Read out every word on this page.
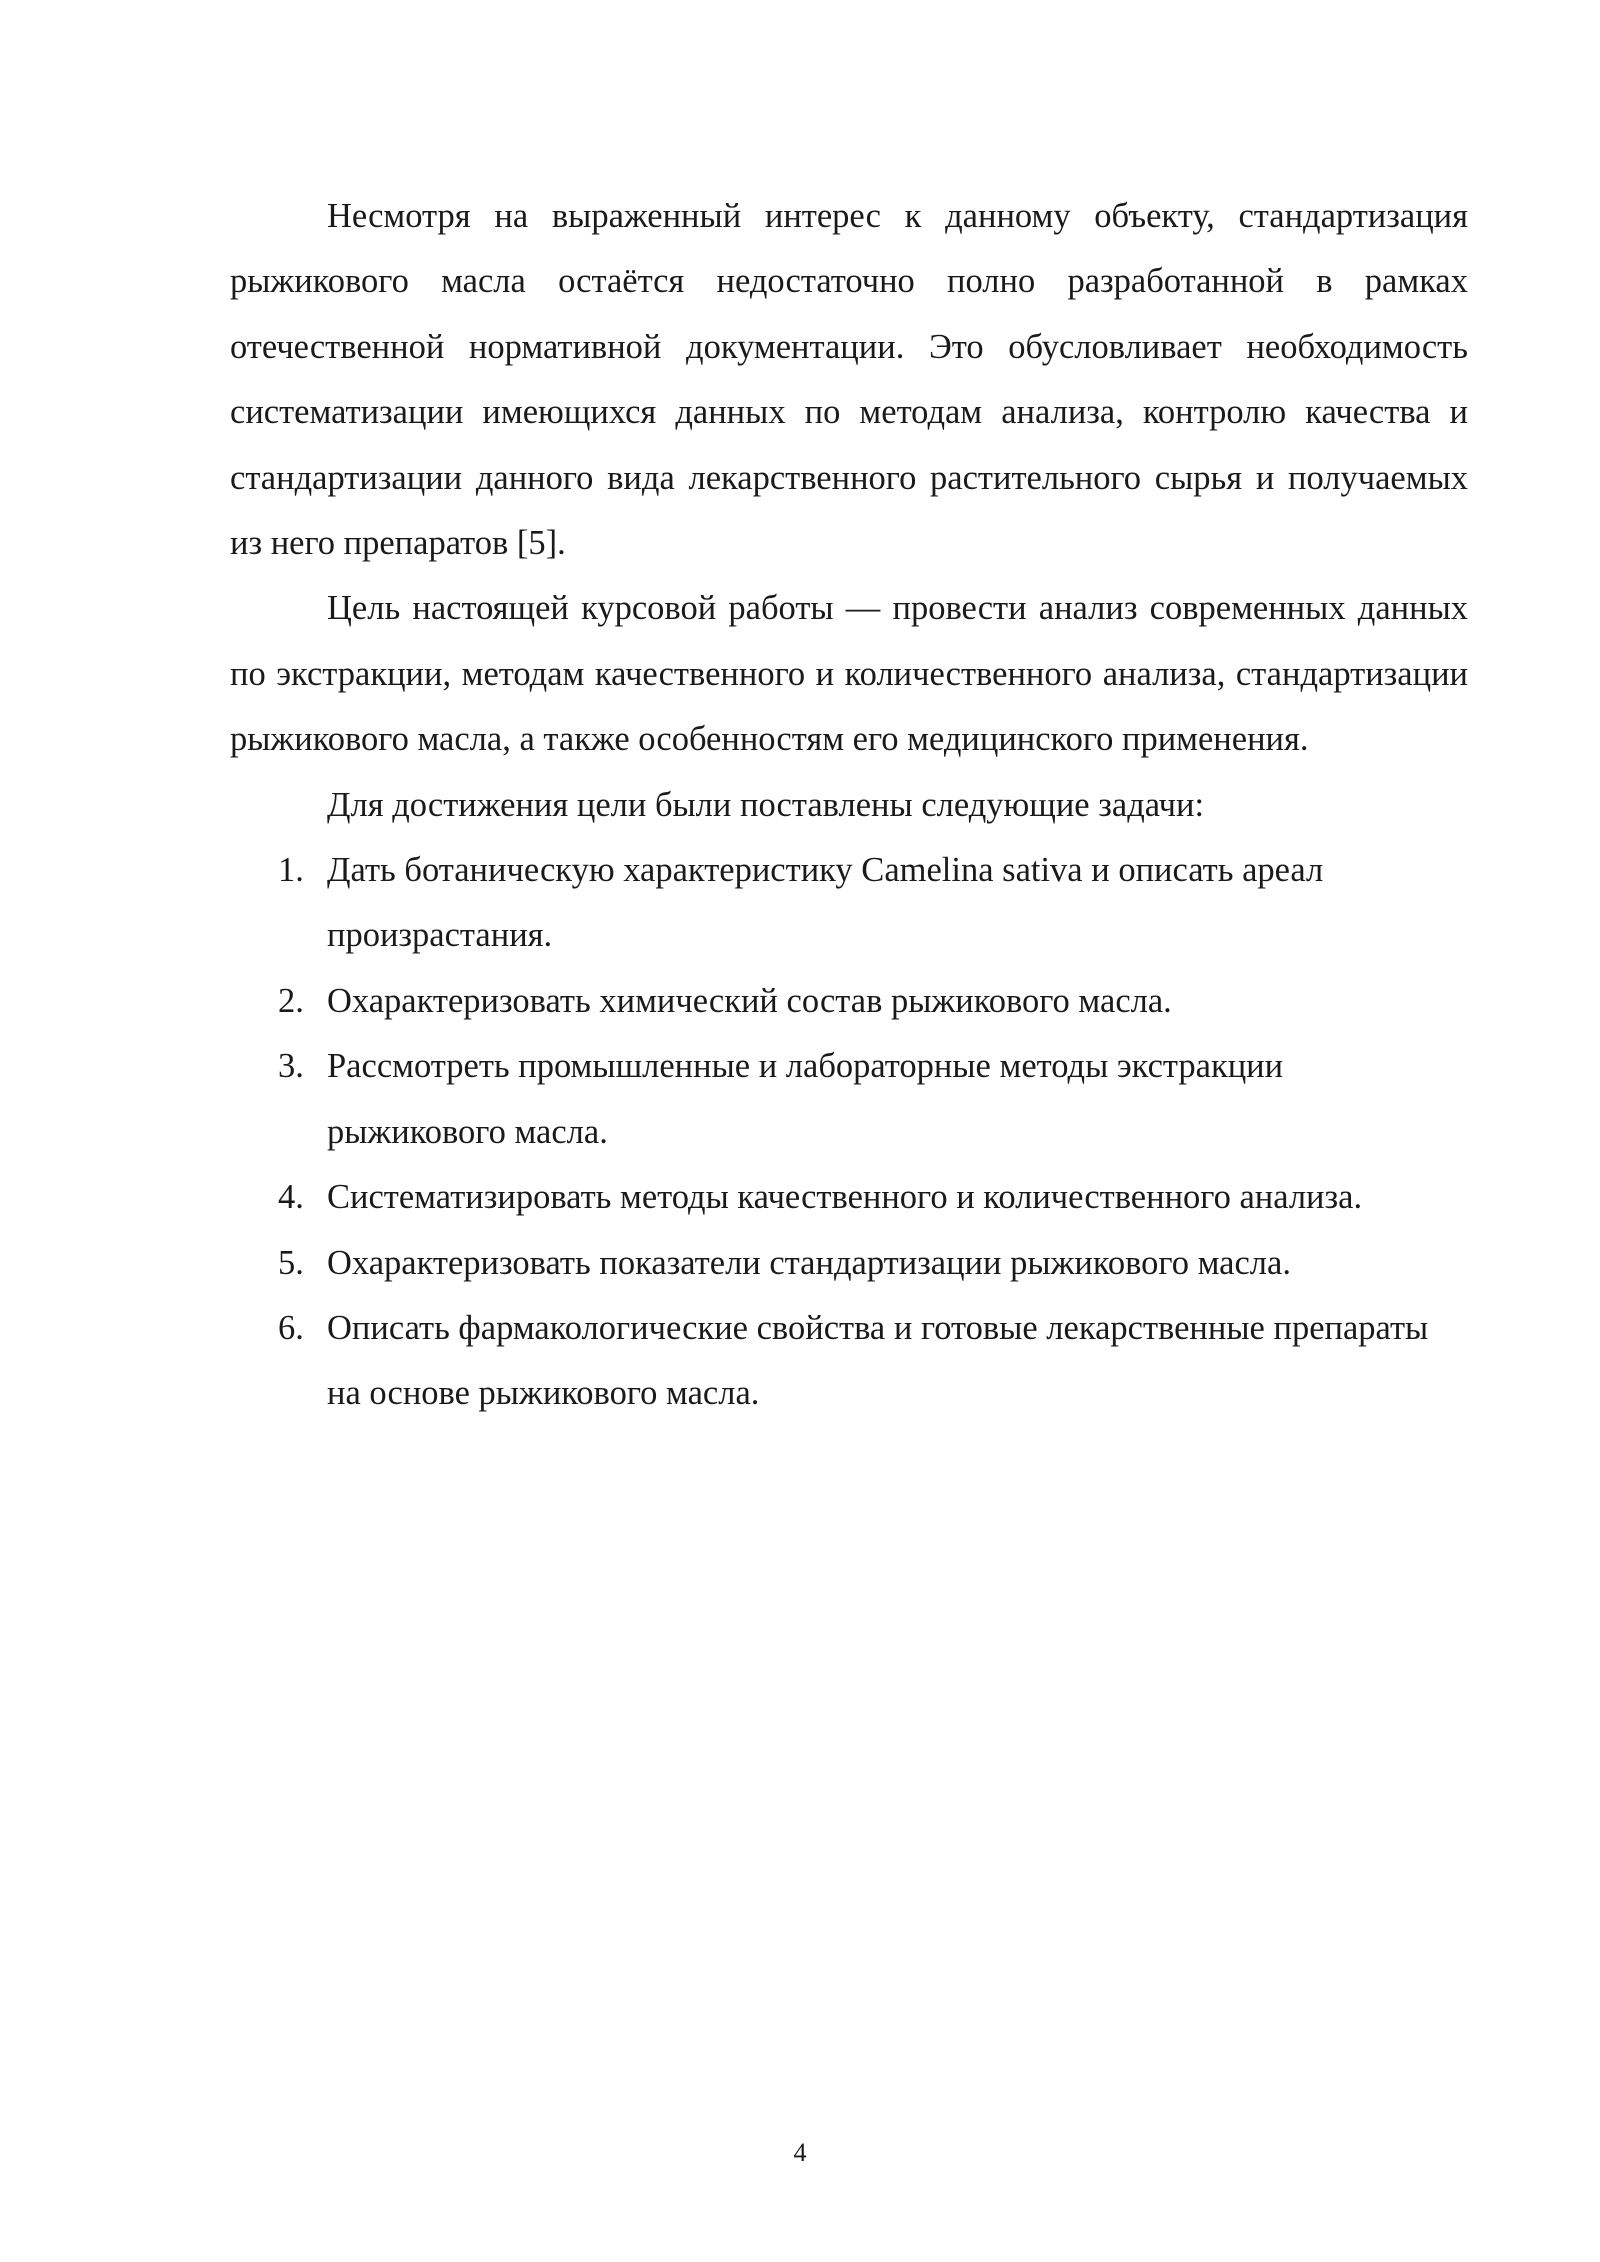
Несмотря на выраженный интерес к данному объекту, стандартизация рыжикового масла остаётся недостаточно полно разработанной в рамках отечественной нормативной документации. Это обусловливает необходимость систематизации имеющихся данных по методам анализа, контролю качества и стандартизации данного вида лекарственного растительного сырья и получаемых из него препаратов [5].

Цель настоящей курсовой работы — провести анализ современных данных по экстракции, методам качественного и количественного анализа, стандартизации рыжикового масла, а также особенностям его медицинского применения.

Для достижения цели были поставлены следующие задачи:

1. Дать ботаническую характеристику Camelina sativa и описать ареал произрастания.
2. Охарактеризовать химический состав рыжикового масла.
3. Рассмотреть промышленные и лабораторные методы экстракции рыжикового масла.
4. Систематизировать методы качественного и количественного анализа.
5. Охарактеризовать показатели стандартизации рыжикового масла.
6. Описать фармакологические свойства и готовые лекарственные препараты на основе рыжикового масла.
4
